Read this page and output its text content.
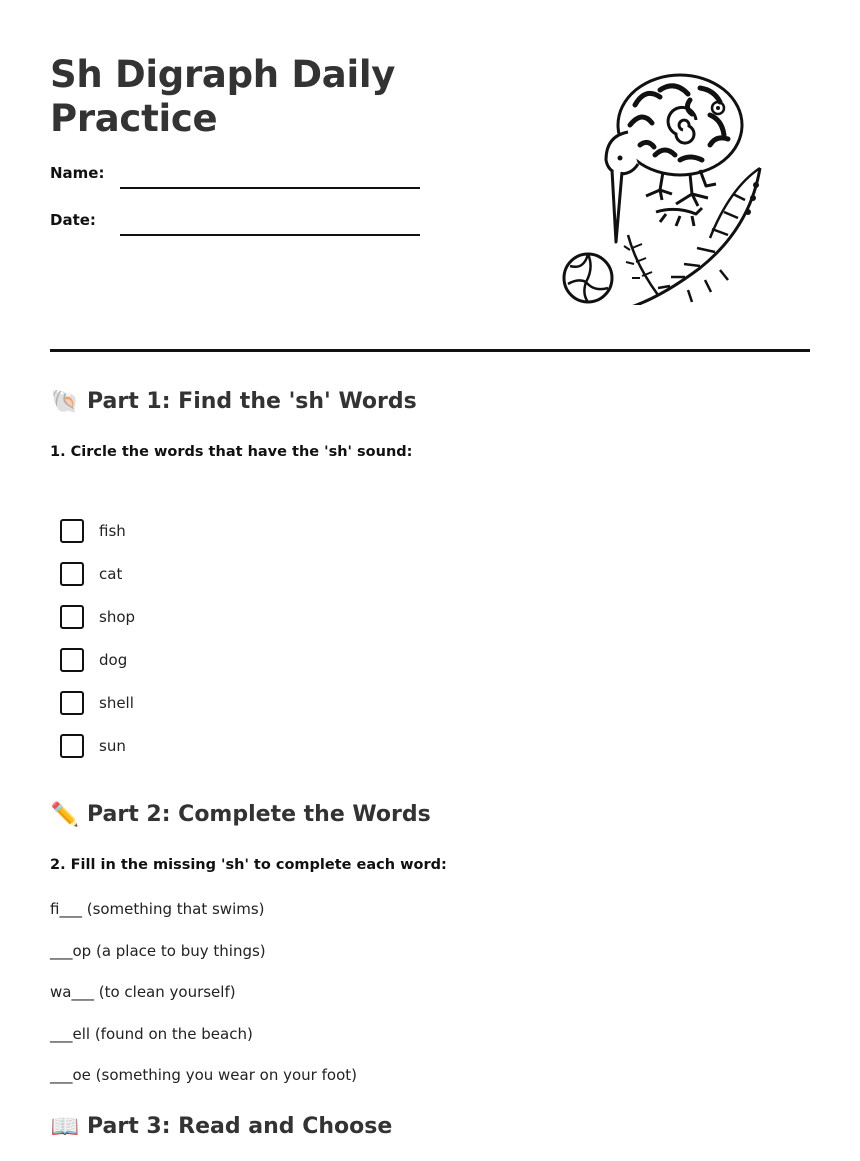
Sh Digraph Daily Practice
Name:
Date:
🐚 Part 1: Find the 'sh' Words

1. Circle the words that have the 'sh' sound:

fish
cat
shop
dog
shell
sun
✏️ Part 2: Complete the Words

2. Fill in the missing 'sh' to complete each word:

fi___ (something that swims)
___op (a place to buy things)
wa___ (to clean yourself)
___ell (found on the beach)
___oe (something you wear on your foot)
📖 Part 3: Read and Choose
